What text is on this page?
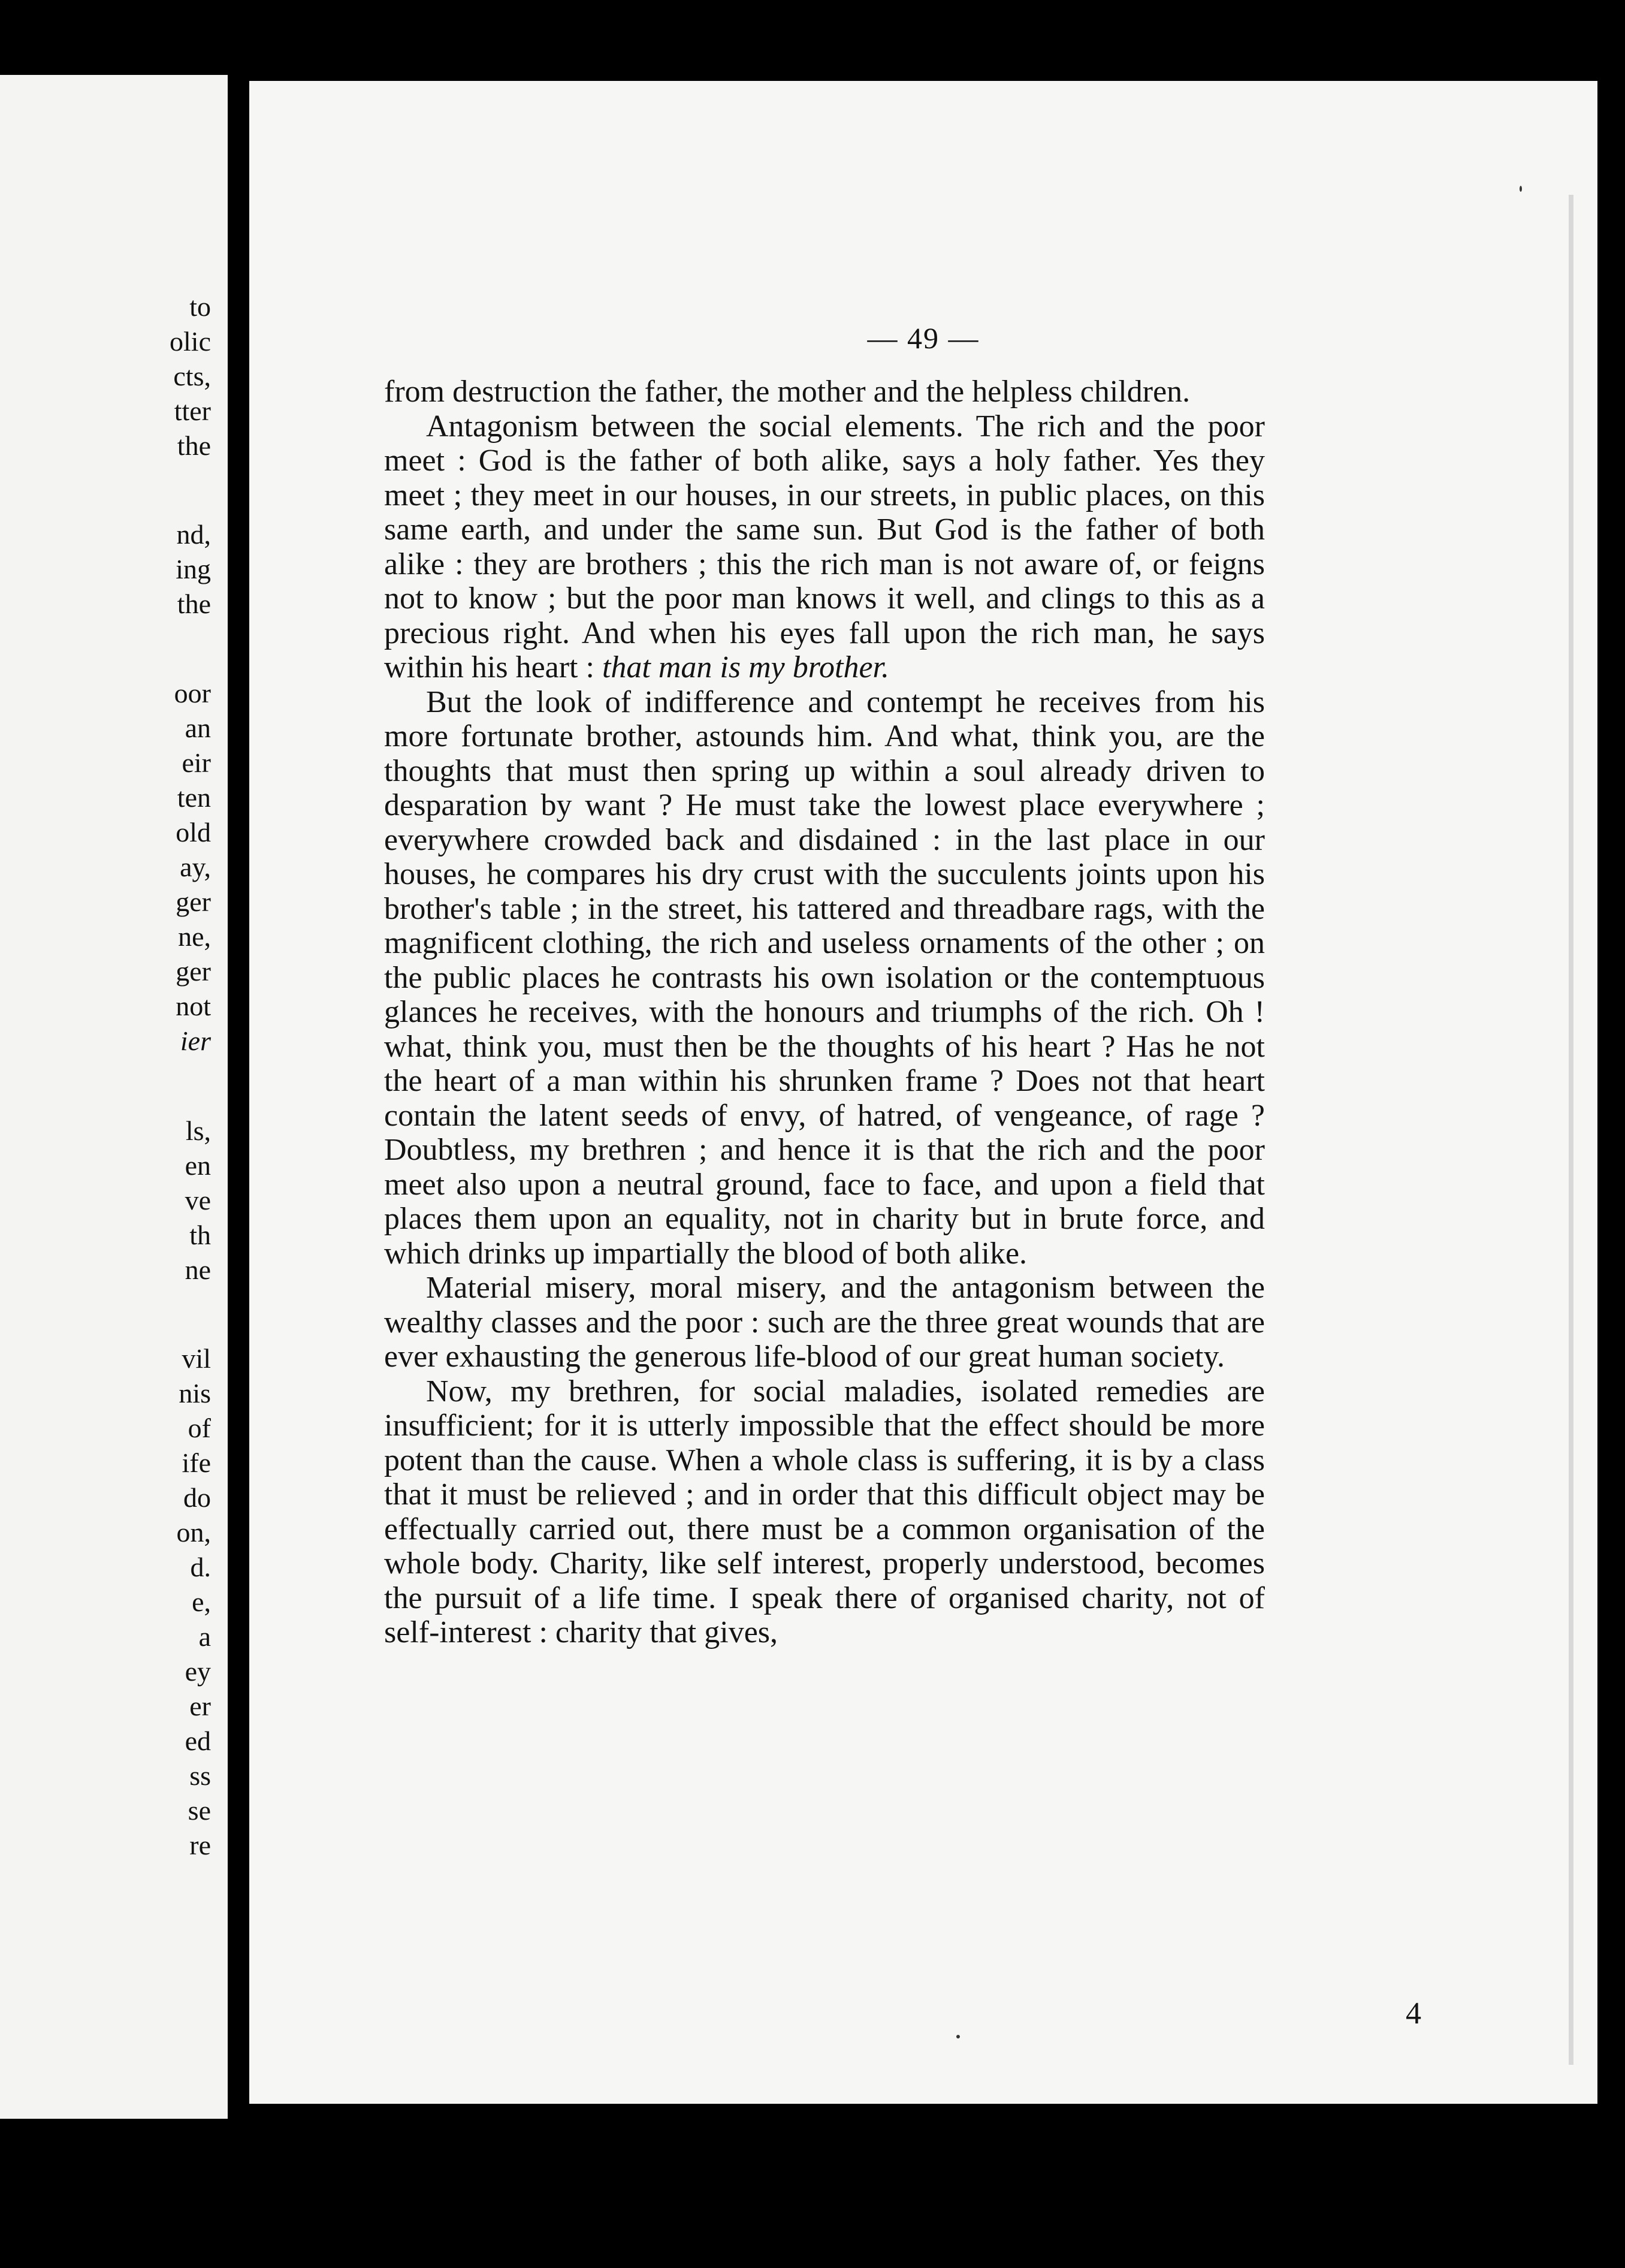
to
olic
cts,
tter
the
nd,
ing
the
oor
an
eir
ten
old
ay,
ger
ne,
ger
not
ier
ls,
en
ve
th
ne
vil
nis
of
ife
do
on,
d.
e,
a
ey
er
ed
ss
se
re
— 49 —

from destruction the father, the mother and the helpless children.

Antagonism between the social elements. The rich and the poor meet : God is the father of both alike, says a holy father. Yes they meet ; they meet in our houses, in our streets, in public places, on this same earth, and under the same sun. But God is the father of both alike : they are brothers ; this the rich man is not aware of, or feigns not to know ; but the poor man knows it well, and clings to this as a precious right. And when his eyes fall upon the rich man, he says within his heart : that man is my brother.

But the look of indifference and contempt he receives from his more fortunate brother, astounds him. And what, think you, are the thoughts that must then spring up within a soul already driven to desparation by want ? He must take the lowest place everywhere ; everywhere crowded back and disdained : in the last place in our houses, he compares his dry crust with the succulents joints upon his brother's table ; in the street, his tattered and threadbare rags, with the magnificent clothing, the rich and useless ornaments of the other ; on the public places he contrasts his own isolation or the contemptuous glances he receives, with the honours and triumphs of the rich. Oh ! what, think you, must then be the thoughts of his heart ? Has he not the heart of a man within his shrunken frame ? Does not that heart contain the latent seeds of envy, of hatred, of vengeance, of rage ? Doubtless, my brethren ; and hence it is that the rich and the poor meet also upon a neutral ground, face to face, and upon a field that places them upon an equality, not in charity but in brute force, and which drinks up impartially the blood of both alike.

Material misery, moral misery, and the antagonism between the wealthy classes and the poor : such are the three great wounds that are ever exhausting the generous life-blood of our great human society.

Now, my brethren, for social maladies, isolated remedies are insufficient; for it is utterly impossible that the effect should be more potent than the cause. When a whole class is suffering, it is by a class that it must be relieved ; and in order that this difficult object may be effectually carried out, there must be a common organisation of the whole body. Charity, like self interest, properly understood, becomes the pursuit of a life time. I speak there of organised charity, not of self-interest : charity that gives,

4
